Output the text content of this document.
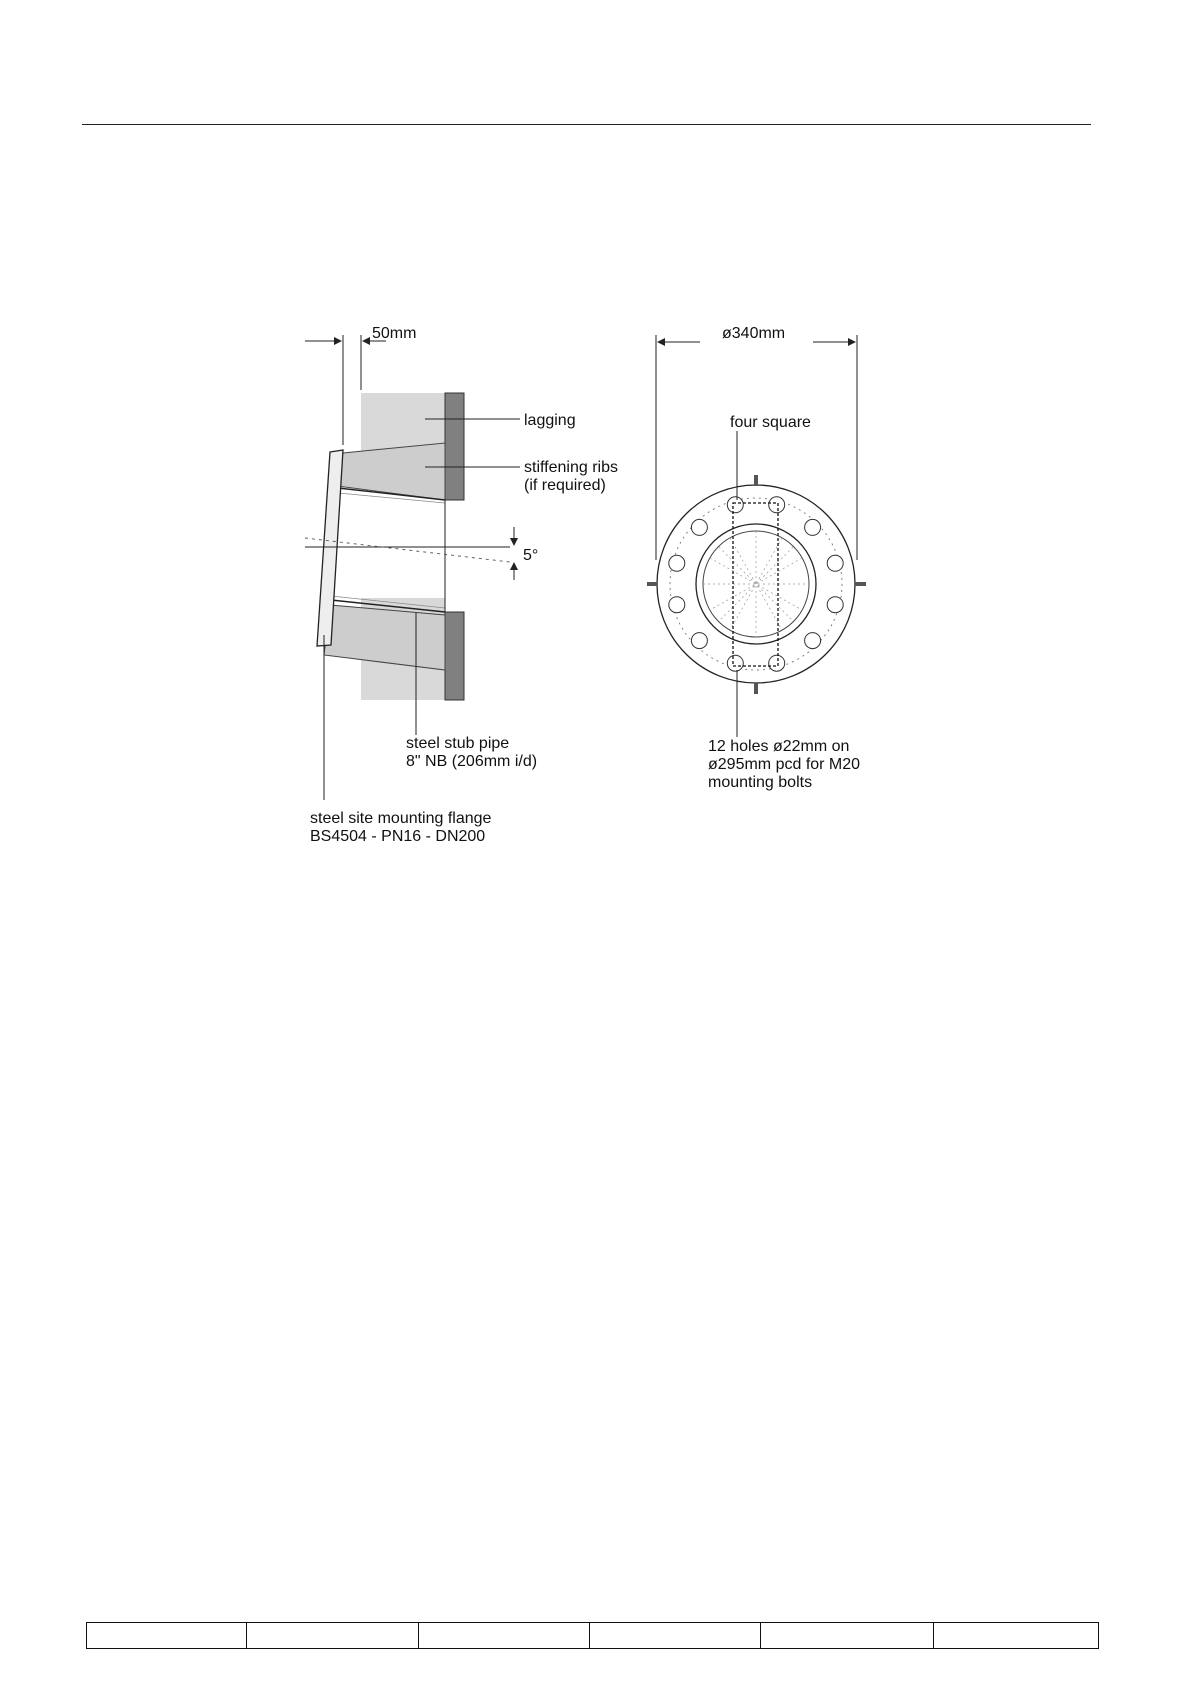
50mm
5°
lagging
stiffening ribs
(if required)
steel stub pipe
8" NB (206mm i/d)
steel site mounting flange
BS4504 - PN16 - DN200
ø340mm
four square
12 holes ø22mm on
ø295mm pcd for M20
mounting bolts
